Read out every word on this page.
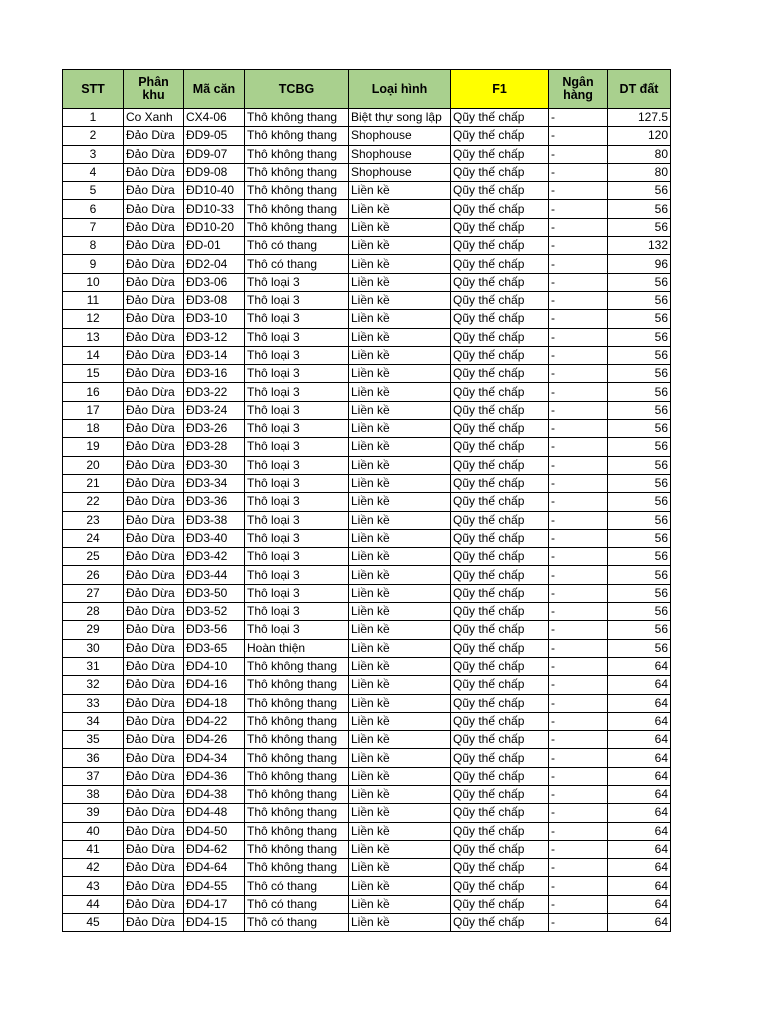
STT	Phân khu	Mã căn	TCBG	Loại hình	F1	Ngân hàng	DT đất
1	Co Xanh	CX4-06	Thô không thang	Biệt thự song lập	Qũy thế chấp	-	127.5
2	Đảo Dừa	ĐD9-05	Thô không thang	Shophouse	Qũy thế chấp	-	120
3	Đảo Dừa	ĐD9-07	Thô không thang	Shophouse	Qũy thế chấp	-	80
4	Đảo Dừa	ĐD9-08	Thô không thang	Shophouse	Qũy thế chấp	-	80
5	Đảo Dừa	ĐD10-40	Thô không thang	Liền kề	Qũy thế chấp	-	56
6	Đảo Dừa	ĐD10-33	Thô không thang	Liền kề	Qũy thế chấp	-	56
7	Đảo Dừa	ĐD10-20	Thô không thang	Liền kề	Qũy thế chấp	-	56
8	Đảo Dừa	ĐD-01	Thô có thang	Liền kề	Qũy thế chấp	-	132
9	Đảo Dừa	ĐD2-04	Thô có thang	Liền kề	Qũy thế chấp	-	96
10	Đảo Dừa	ĐD3-06	Thô loại 3	Liền kề	Qũy thế chấp	-	56
11	Đảo Dừa	ĐD3-08	Thô loại 3	Liền kề	Qũy thế chấp	-	56
12	Đảo Dừa	ĐD3-10	Thô loại 3	Liền kề	Qũy thế chấp	-	56
13	Đảo Dừa	ĐD3-12	Thô loại 3	Liền kề	Qũy thế chấp	-	56
14	Đảo Dừa	ĐD3-14	Thô loại 3	Liền kề	Qũy thế chấp	-	56
15	Đảo Dừa	ĐD3-16	Thô loại 3	Liền kề	Qũy thế chấp	-	56
16	Đảo Dừa	ĐD3-22	Thô loại 3	Liền kề	Qũy thế chấp	-	56
17	Đảo Dừa	ĐD3-24	Thô loại 3	Liền kề	Qũy thế chấp	-	56
18	Đảo Dừa	ĐD3-26	Thô loại 3	Liền kề	Qũy thế chấp	-	56
19	Đảo Dừa	ĐD3-28	Thô loại 3	Liền kề	Qũy thế chấp	-	56
20	Đảo Dừa	ĐD3-30	Thô loại 3	Liền kề	Qũy thế chấp	-	56
21	Đảo Dừa	ĐD3-34	Thô loại 3	Liền kề	Qũy thế chấp	-	56
22	Đảo Dừa	ĐD3-36	Thô loại 3	Liền kề	Qũy thế chấp	-	56
23	Đảo Dừa	ĐD3-38	Thô loại 3	Liền kề	Qũy thế chấp	-	56
24	Đảo Dừa	ĐD3-40	Thô loại 3	Liền kề	Qũy thế chấp	-	56
25	Đảo Dừa	ĐD3-42	Thô loại 3	Liền kề	Qũy thế chấp	-	56
26	Đảo Dừa	ĐD3-44	Thô loại 3	Liền kề	Qũy thế chấp	-	56
27	Đảo Dừa	ĐD3-50	Thô loại 3	Liền kề	Qũy thế chấp	-	56
28	Đảo Dừa	ĐD3-52	Thô loại 3	Liền kề	Qũy thế chấp	-	56
29	Đảo Dừa	ĐD3-56	Thô loại 3	Liền kề	Qũy thế chấp	-	56
30	Đảo Dừa	ĐD3-65	Hoàn thiện	Liền kề	Qũy thế chấp	-	56
31	Đảo Dừa	ĐD4-10	Thô không thang	Liền kề	Qũy thế chấp	-	64
32	Đảo Dừa	ĐD4-16	Thô không thang	Liền kề	Qũy thế chấp	-	64
33	Đảo Dừa	ĐD4-18	Thô không thang	Liền kề	Qũy thế chấp	-	64
34	Đảo Dừa	ĐD4-22	Thô không thang	Liền kề	Qũy thế chấp	-	64
35	Đảo Dừa	ĐD4-26	Thô không thang	Liền kề	Qũy thế chấp	-	64
36	Đảo Dừa	ĐD4-34	Thô không thang	Liền kề	Qũy thế chấp	-	64
37	Đảo Dừa	ĐD4-36	Thô không thang	Liền kề	Qũy thế chấp	-	64
38	Đảo Dừa	ĐD4-38	Thô không thang	Liền kề	Qũy thế chấp	-	64
39	Đảo Dừa	ĐD4-48	Thô không thang	Liền kề	Qũy thế chấp	-	64
40	Đảo Dừa	ĐD4-50	Thô không thang	Liền kề	Qũy thế chấp	-	64
41	Đảo Dừa	ĐD4-62	Thô không thang	Liền kề	Qũy thế chấp	-	64
42	Đảo Dừa	ĐD4-64	Thô không thang	Liền kề	Qũy thế chấp	-	64
43	Đảo Dừa	ĐD4-55	Thô có thang	Liền kề	Qũy thế chấp	-	64
44	Đảo Dừa	ĐD4-17	Thô có thang	Liền kề	Qũy thế chấp	-	64
45	Đảo Dừa	ĐD4-15	Thô có thang	Liền kề	Qũy thế chấp	-	64
